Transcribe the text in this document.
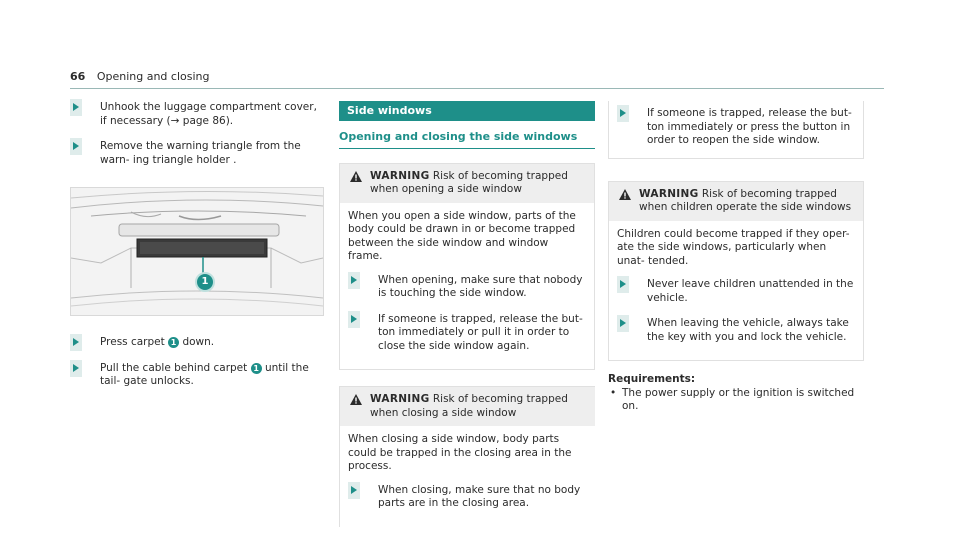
66 Opening and closing
Unhook the luggage compartment cover, if necessary (→ page 86).
Remove the warning triangle from the warn- ing triangle holder .
1
Press carpet 1 down.
Pull the cable behind carpet 1 until the tail- gate unlocks.
Side windows
Opening and closing the side windows
WARNING Risk of becoming trapped when opening a side window
When you open a side window, parts of the body could be drawn in or become trapped between the side window and window frame.
When opening, make sure that nobody is touching the side window.
If someone is trapped, release the but- ton immediately or pull it in order to close the side window again.
WARNING Risk of becoming trapped when closing a side window
When closing a side window, body parts could be trapped in the closing area in the process.
When closing, make sure that no body parts are in the closing area.
If someone is trapped, release the but- ton immediately or press the button in order to reopen the side window.
WARNING Risk of becoming trapped when children operate the side windows
Children could become trapped if they oper- ate the side windows, particularly when unat- tended.
Never leave children unattended in the vehicle.
When leaving the vehicle, always take the key with you and lock the vehicle.
Requirements:
• The power supply or the ignition is switched on.
